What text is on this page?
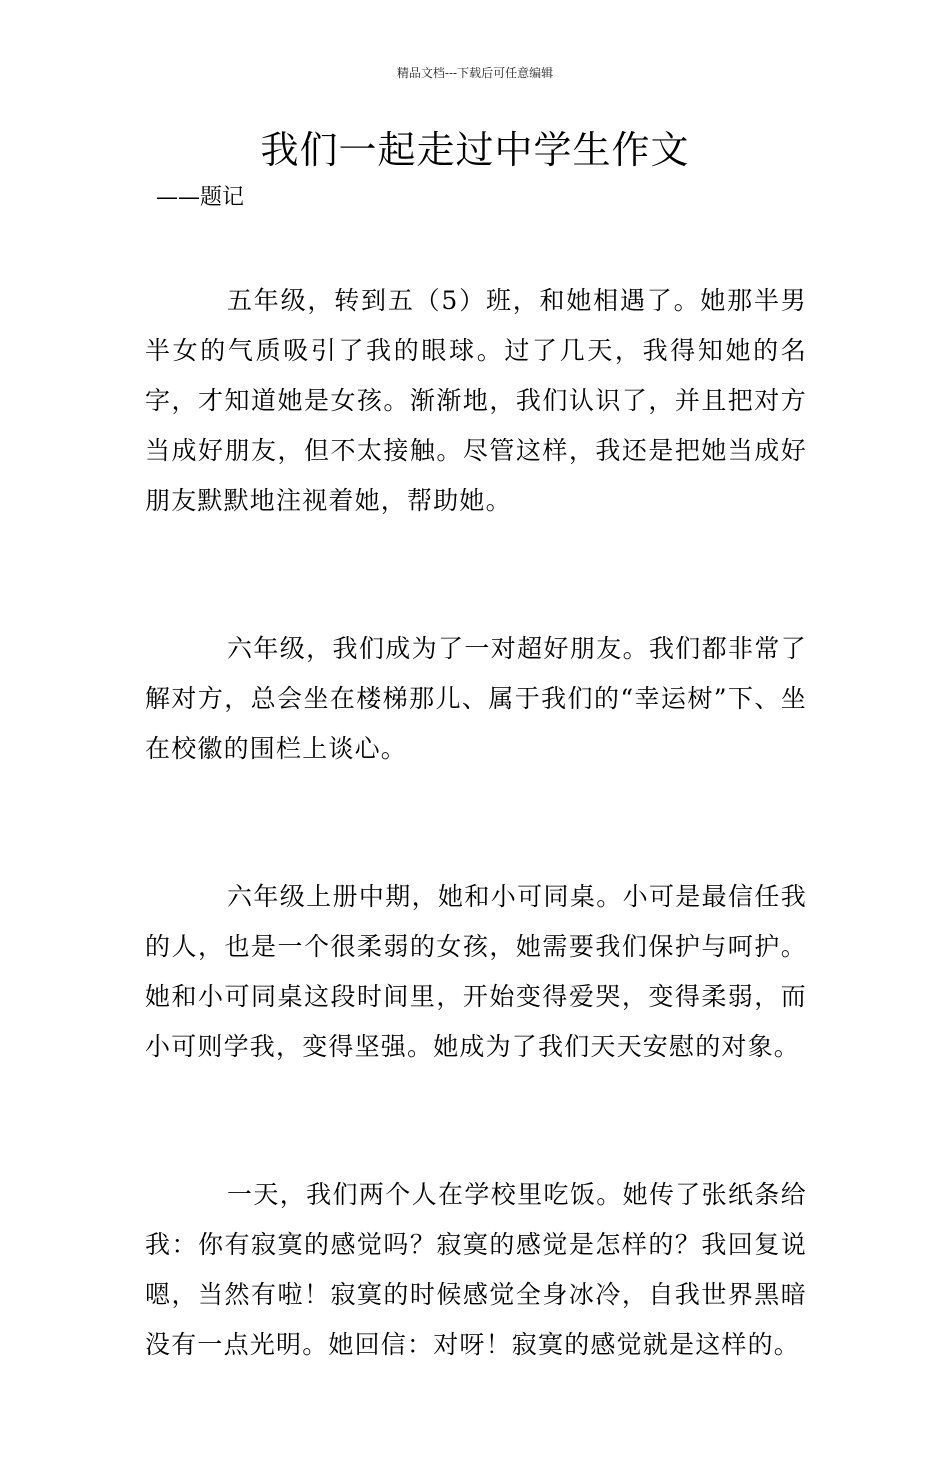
精品文档---下载后可任意编辑
我们一起走过中学生作文
——题记

五年级，转到五（5）班，和她相遇了。她那半男半女的气质吸引了我的眼球。过了几天，我得知她的名字，才知道她是女孩。渐渐地，我们认识了，并且把对方当成好朋友，但不太接触。尽管这样，我还是把她当成好朋友默默地注视着她，帮助她。

六年级，我们成为了一对超好朋友。我们都非常了解对方，总会坐在楼梯那儿、属于我们的“幸运树”下、坐在校徽的围栏上谈心。

六年级上册中期，她和小可同桌。小可是最信任我的人，也是一个很柔弱的女孩，她需要我们保护与呵护。她和小可同桌这段时间里，开始变得爱哭，变得柔弱，而小可则学我，变得坚强。她成为了我们天天安慰的对象。

一天，我们两个人在学校里吃饭。她传了张纸条给我：你有寂寞的感觉吗？寂寞的感觉是怎样的？我回复说嗯，当然有啦！寂寞的时候感觉全身冰冷，自我世界黑暗没有一点光明。她回信：对呀！寂寞的感觉就是这样的。
